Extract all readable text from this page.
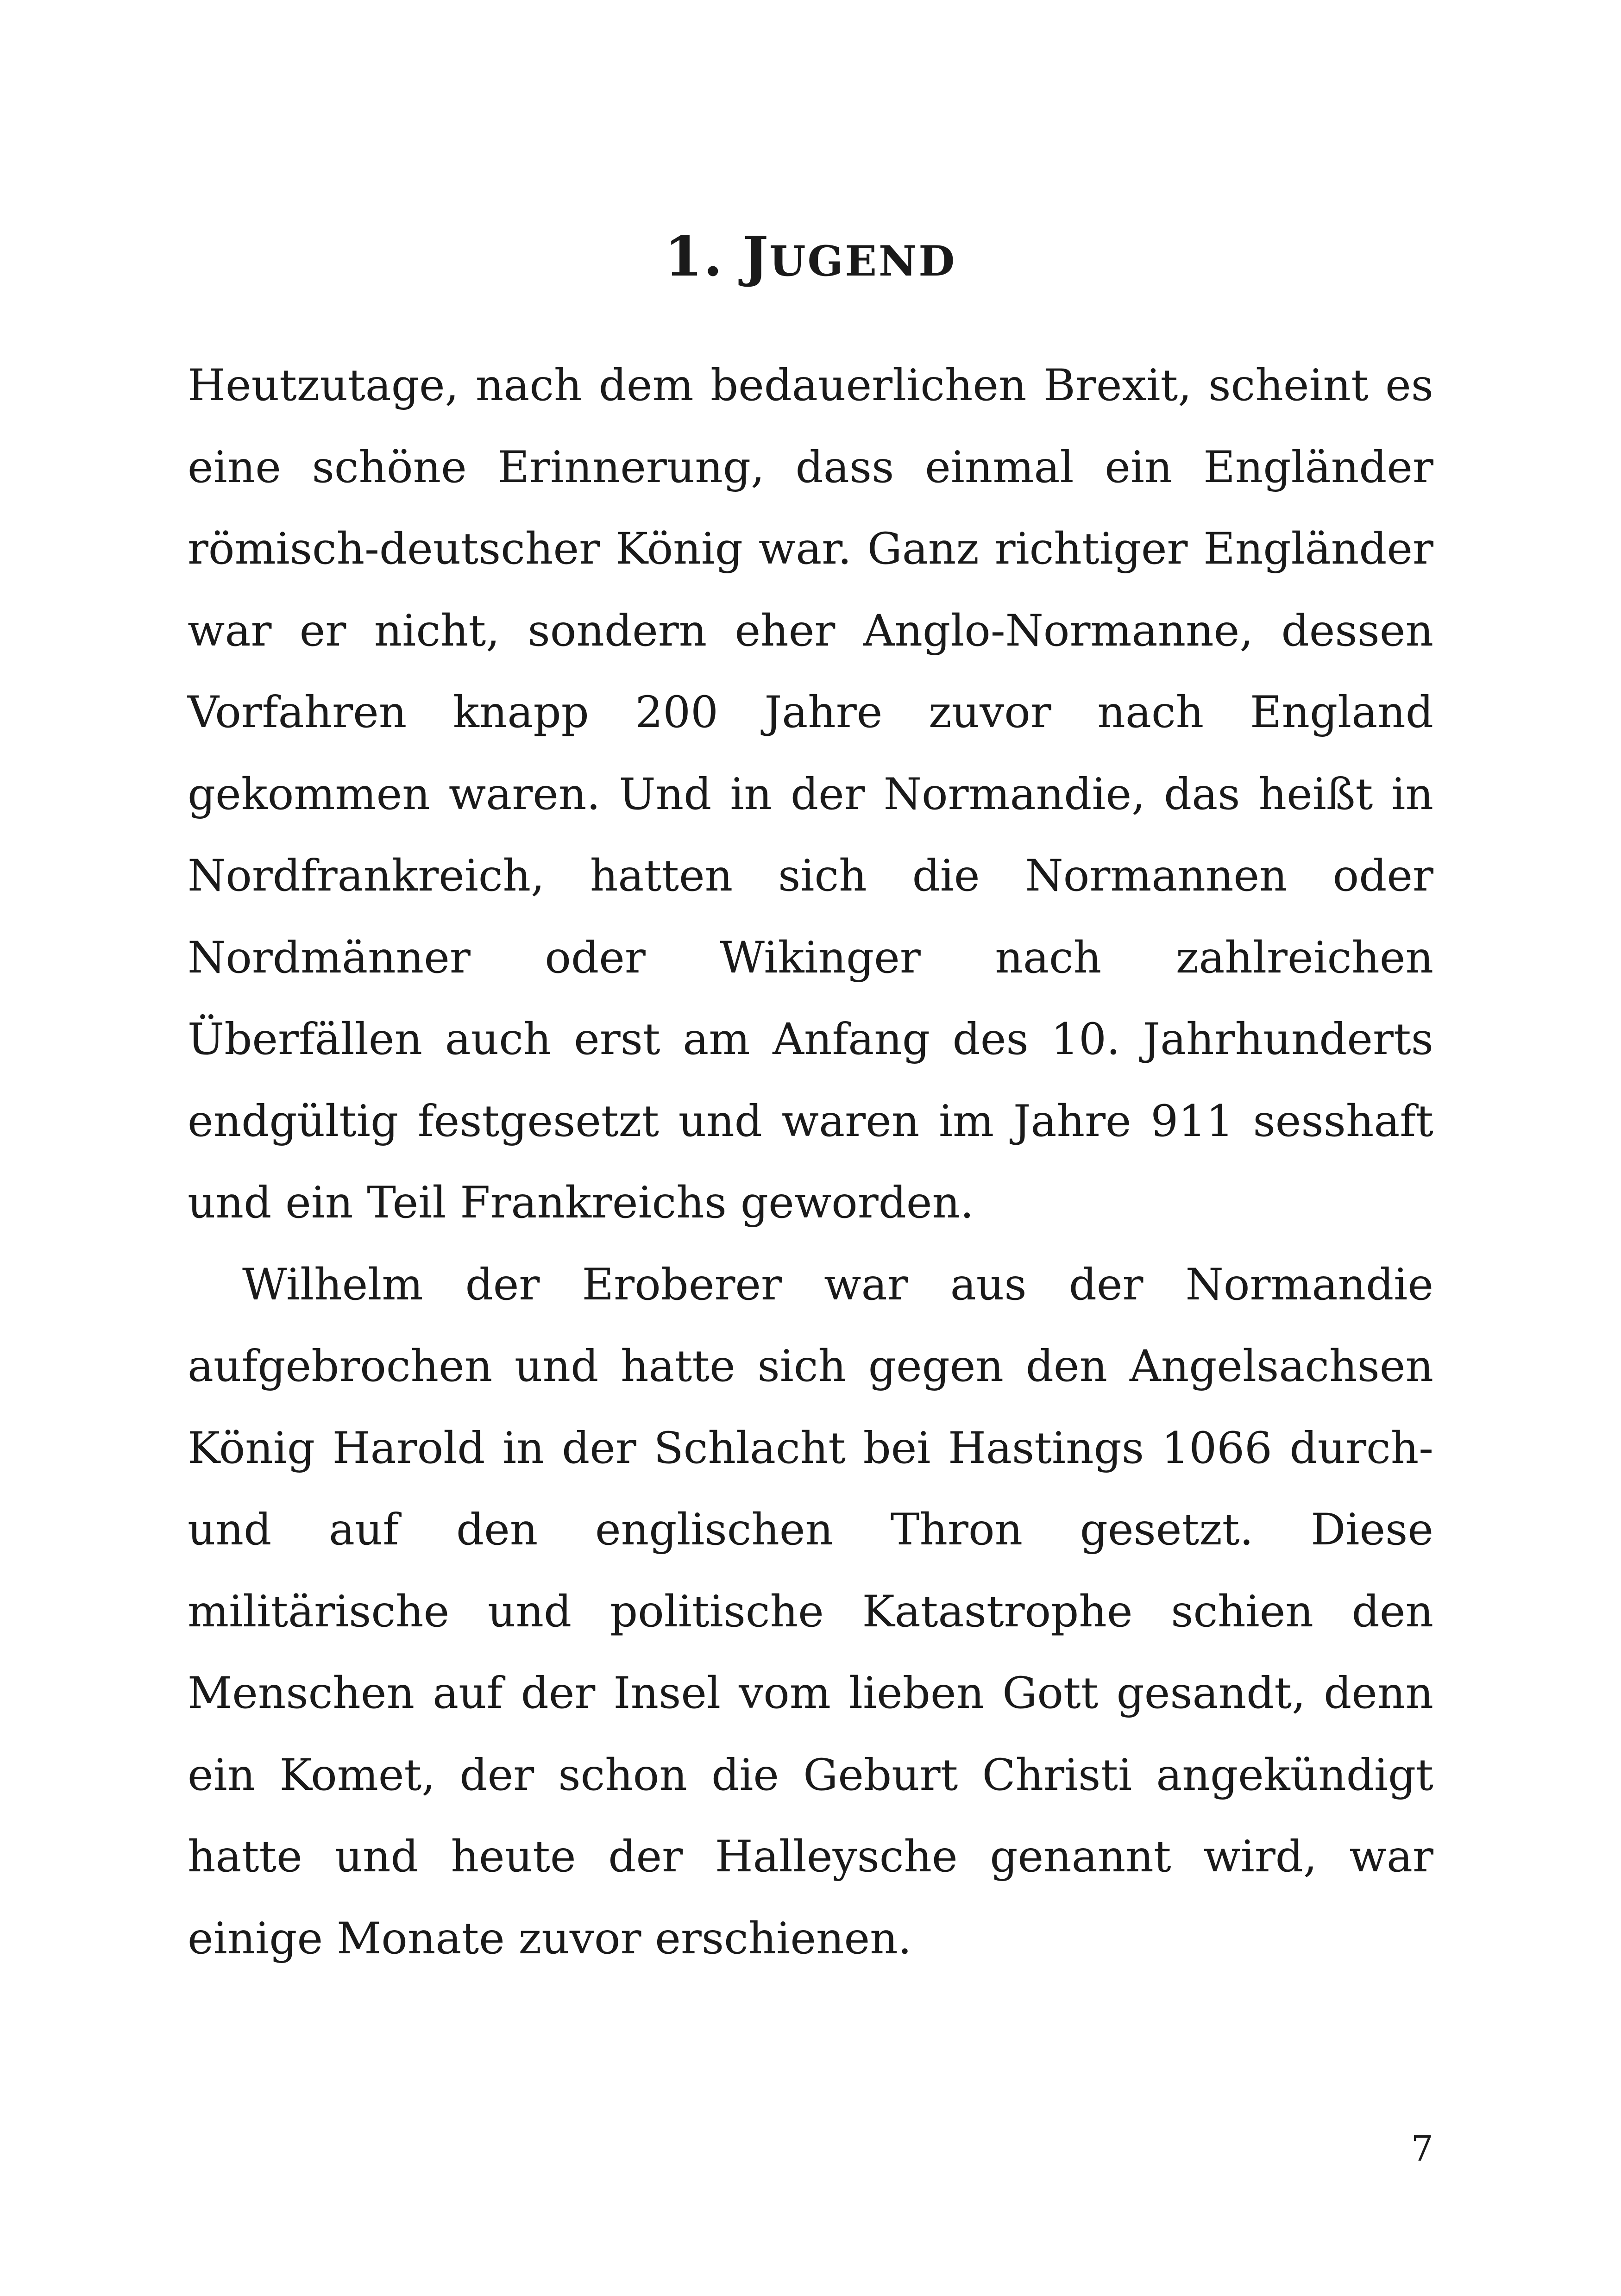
1. JUGEND

Heutzutage, nach dem bedauerlichen Brexit, scheint es eine schöne Erinnerung, dass einmal ein Engländer römisch-deutscher König war. Ganz richtiger Engländer war er nicht, sondern eher Anglo-Normanne, dessen Vorfahren knapp 200 Jahre zuvor nach England gekommen waren. Und in der Normandie, das heißt in Nordfrankreich, hatten sich die Normannen oder Nordmänner oder Wikinger nach zahlreichen Überfällen auch erst am Anfang des 10. Jahrhunderts endgültig festgesetzt und waren im Jahre 911 sesshaft und ein Teil Frankreichs geworden.

Wilhelm der Eroberer war aus der Normandie aufgebrochen und hatte sich gegen den Angelsachsen König Harold in der Schlacht bei Hastings 1066 durch- und auf den englischen Thron gesetzt. Diese militärische und politische Katastrophe schien den Menschen auf der Insel vom lieben Gott gesandt, denn ein Komet, der schon die Geburt Christi angekündigt hatte und heute der Halleysche genannt wird, war einige Monate zuvor erschienen.

7
